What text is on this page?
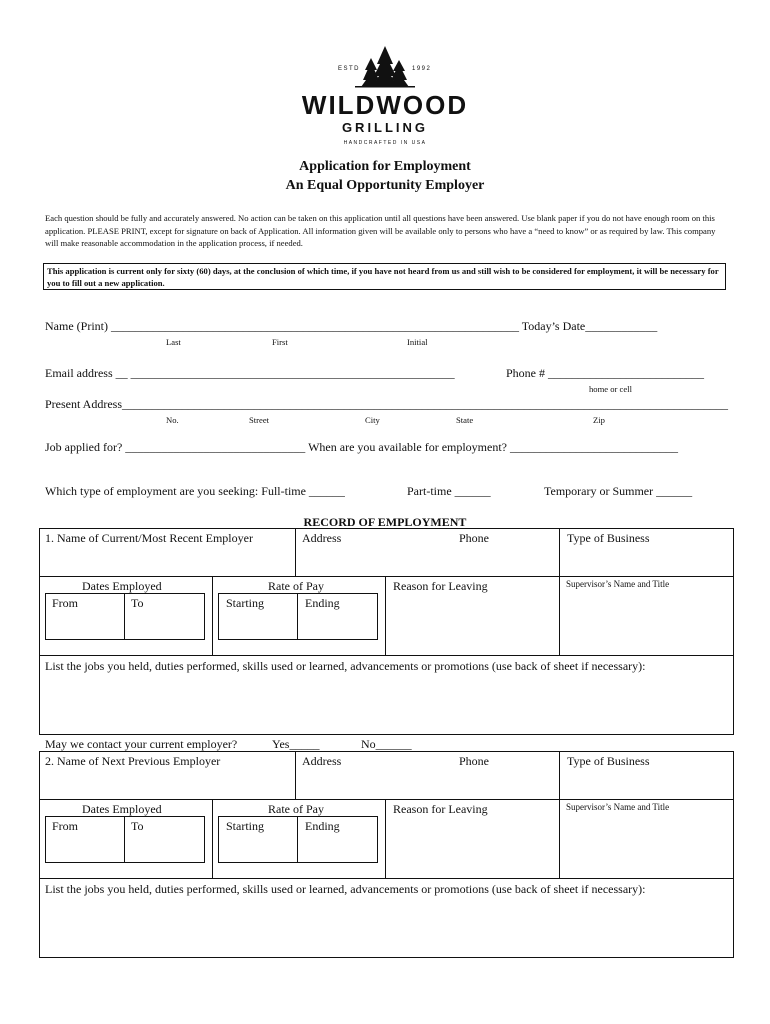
ESTD	1992
WILDWOOD
GRILLING
HANDCRAFTED IN USA
Application for Employment
An Equal Opportunity Employer
Each question should be fully and accurately answered. No action can be taken on this application until all questions have been answered. Use blank paper if you do not have enough room on this application. PLEASE PRINT, except for signature on back of Application. All information given will be available only to persons who have a “need to know” or as required by law. This company will make reasonable accommodation in the application process, if needed.
This application is current only for sixty (60) days, at the conclusion of which time, if you have not heard from us and still wish to be considered for employment, it will be necessary for you to fill out a new application.
Name (Print) ____________________________________________________________________ Today’s Date____________
Last	First	Initial
Email address __ ______________________________________________________	Phone # __________________________
home or cell
Present Address_____________________________________________________________________________________________________
No.	Street	City	State	Zip
Job applied for? ______________________________ When are you available for employment? ____________________________
Which type of employment are you seeking: Full-time ______	Part-time ______	Temporary or Summer ______
RECORD OF EMPLOYMENT
1. Name of Current/Most Recent Employer	Address	Phone	Type of Business
Dates Employed
From	To
Rate of Pay
Starting	Ending
Reason for Leaving	Supervisor’s Name and Title
List the jobs you held, duties performed, skills used or learned, advancements or promotions (use back of sheet if necessary):
May we contact your current employer?	Yes_____	No______
2. Name of Next Previous Employer	Address	Phone	Type of Business
Dates Employed
From	To
Rate of Pay
Starting	Ending
Reason for Leaving	Supervisor’s Name and Title
List the jobs you held, duties performed, skills used or learned, advancements or promotions (use back of sheet if necessary):
